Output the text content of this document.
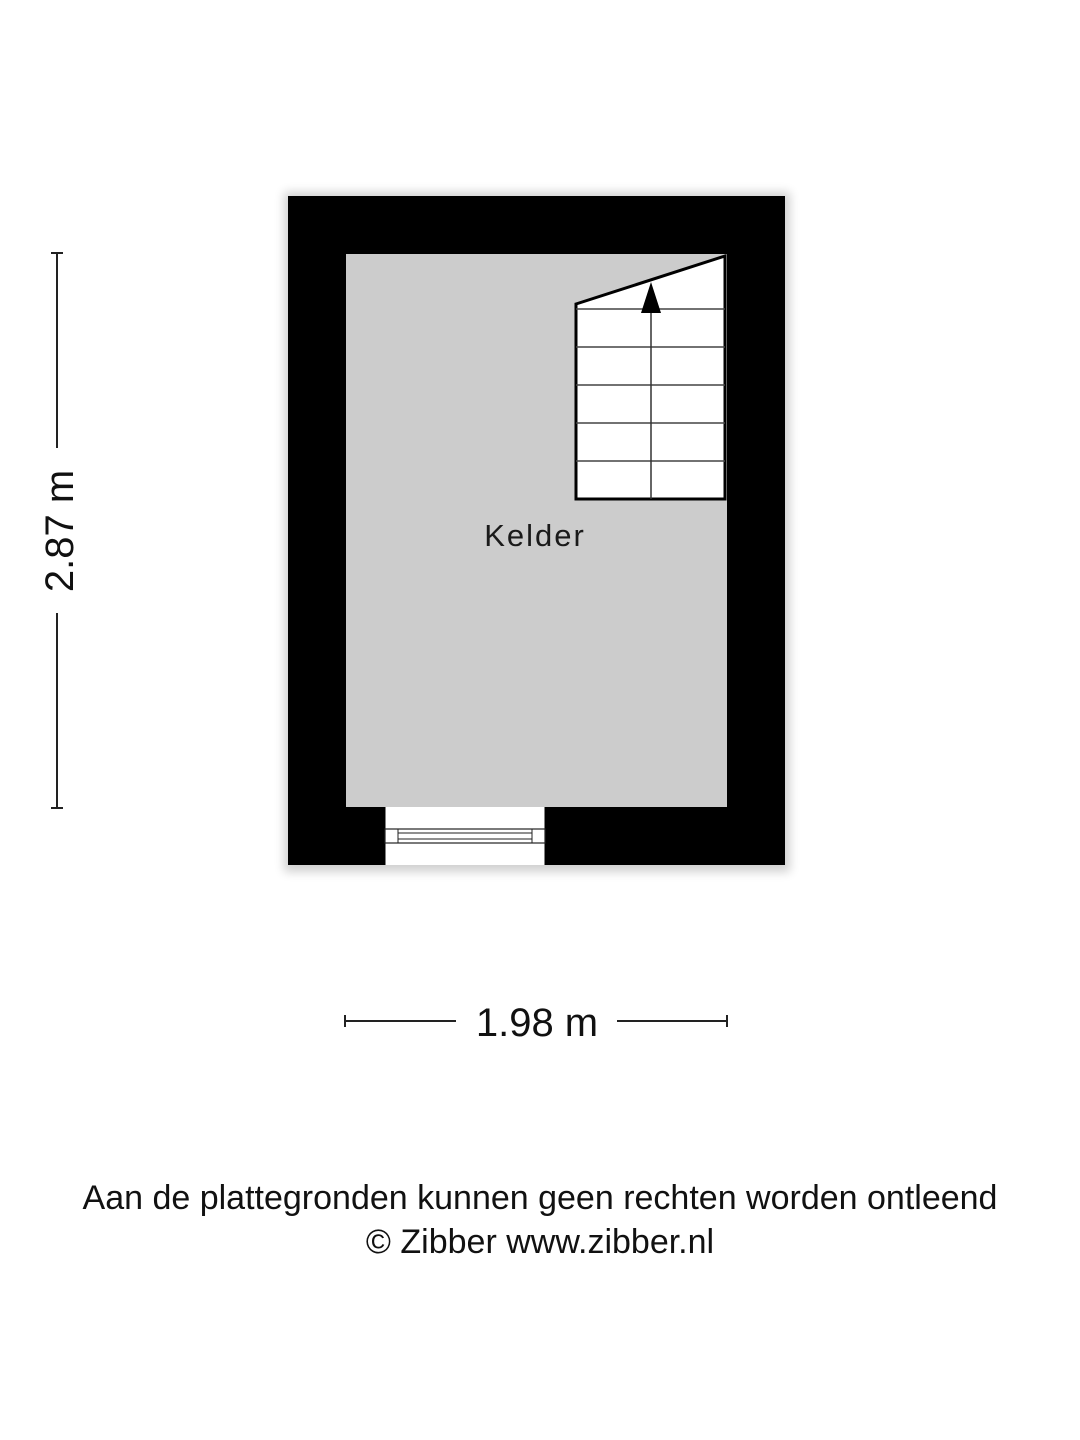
Kelder
2.87 m
1.98 m
Aan de plattegronden kunnen geen rechten worden ontleend
© Zibber www.zibber.nl
